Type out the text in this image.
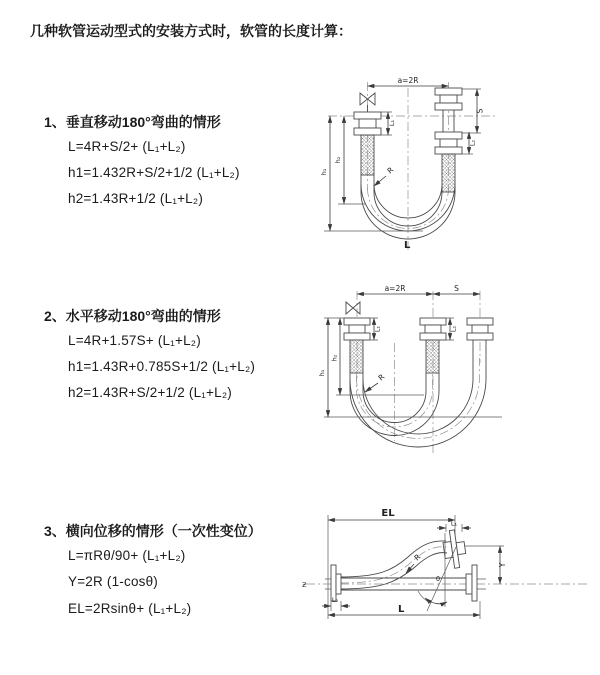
几种软管运动型式的安装方式时，软管的长度计算：
1、垂直移动180°弯曲的情形
L=4R+S/2+ (L₁+L₂)
h1=1.432R+S/2+1/2 (L₁+L₂)
h2=1.43R+1/2 (L₁+L₂)
2、水平移动180°弯曲的情形
L=4R+1.57S+ (L₁+L₂)
h1=1.43R+0.785S+1/2 (L₁+L₂)
h2=1.43R+S/2+1/2 (L₁+L₂)
3、横向位移的情形（一次性变位）
L=πRθ/90+ (L₁+L₂)
Y=2R (1-cosθ)
EL=2Rsinθ+ (L₁+L₂)
a=2R
S
L₁
L₂
h₂
h₁	R
L
a=2R	S
h₂
h₁
L₁	L₂
R
Ƶ
EL
L₁
Y
θ
R
L₂
L
